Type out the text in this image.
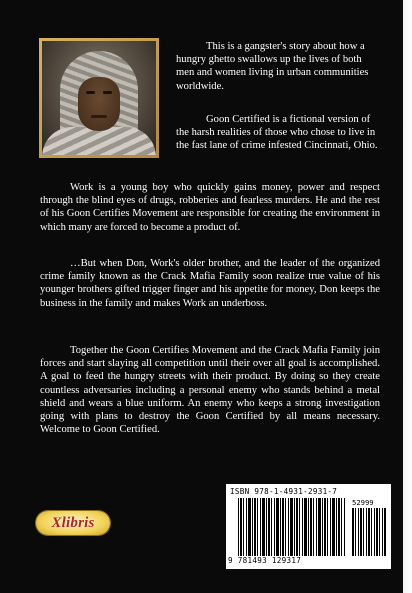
This is a gangster's story about how a hungry ghetto swallows up the lives of both men and women living in urban communities worldwide.
Goon Certified is a fictional version of the harsh realities of those who chose to live in the fast lane of crime infested Cincinnati, Ohio.
Work is a young boy who quickly gains money, power and respect through the blind eyes of drugs, robberies and fearless murders. He and the rest of his Goon Certifies Movement are responsible for creating the environment in which many are forced to become a product of.
…But when Don, Work's older brother, and the leader of the organized crime family known as the Crack Mafia Family soon realize true value of his younger brothers gifted trigger finger and his appetite for money, Don keeps the business in the family and makes Work an underboss.
Together the Goon Certifies Movement and the Crack Mafia Family join forces and start slaying all competition until their over all goal is accomplished. A goal to feed the hungry streets with their product. By doing so they create countless adversaries including a personal enemy who stands behind a metal shield and wears a blue uniform. An enemy who keeps a strong investigation going with plans to destroy the Goon Certified by all means necessary. Welcome to Goon Certified.
Xlibris
ISBN 978-1-4931-2931-7
52999
9 781493 129317
